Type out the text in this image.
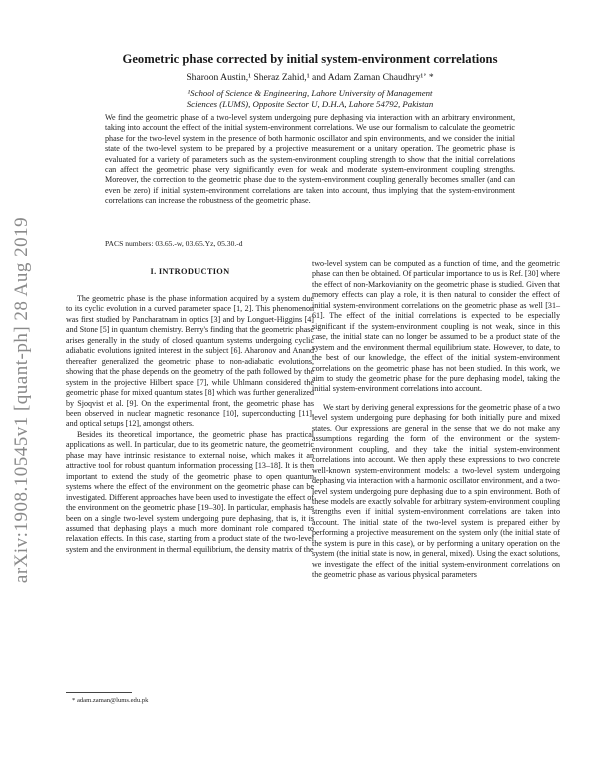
arXiv:1908.10545v1 [quant-ph] 28 Aug 2019
Geometric phase corrected by initial system-environment correlations
Sharoon Austin,¹ Sheraz Zahid,¹ and Adam Zaman Chaudhry¹ʼ *
¹School of Science & Engineering, Lahore University of Management
Sciences (LUMS), Opposite Sector U, D.H.A, Lahore 54792, Pakistan
We find the geometric phase of a two-level system undergoing pure dephasing via interaction with an arbitrary environment, taking into account the effect of the initial system-environment correlations. We use our formalism to calculate the geometric phase for the two-level system in the presence of both harmonic oscillator and spin environments, and we consider the initial state of the two-level system to be prepared by a projective measurement or a unitary operation. The geometric phase is evaluated for a variety of parameters such as the system-environment coupling strength to show that the initial correlations can affect the geometric phase very significantly even for weak and moderate system-environment coupling strengths. Moreover, the correction to the geometric phase due to the system-environment coupling generally becomes smaller (and can even be zero) if initial system-environment correlations are taken into account, thus implying that the system-environment correlations can increase the robustness of the geometric phase.
PACS numbers: 03.65.-w, 03.65.Yz, 05.30.-d
I. INTRODUCTION

The geometric phase is the phase information acquired by a system due to its cyclic evolution in a curved parameter space [1, 2]. This phenomenon was first studied by Pancharatnam in optics [3] and by Longuet-Higgins [4] and Stone [5] in quantum chemistry. Berry's finding that the geometric phase arises generally in the study of closed quantum systems undergoing cyclic adiabatic evolutions ignited interest in the subject [6]. Aharonov and Anand thereafter generalized the geometric phase to non-adiabatic evolutions, showing that the phase depends on the geometry of the path followed by the system in the projective Hilbert space [7], while Uhlmann considered the geometric phase for mixed quantum states [8] which was further generalized by Sjoqvist et al. [9]. On the experimental front, the geometric phase has been observed in nuclear magnetic resonance [10], superconducting [11], and optical setups [12], amongst others.

Besides its theoretical importance, the geometric phase has practical applications as well. In particular, due to its geometric nature, the geometric phase may have intrinsic resistance to external noise, which makes it an attractive tool for robust quantum information processing [13–18]. It is then important to extend the study of the geometric phase to open quantum systems where the effect of the environment on the geometric phase can be investigated. Different approaches have been used to investigate the effect of the environment on the geometric phase [19–30]. In particular, emphasis has been on a single two-level system undergoing pure dephasing, that is, it is assumed that dephasing plays a much more dominant role compared to relaxation effects. In this case, starting from a product state of the two-level system and the environment in thermal equilibrium, the density matrix of the

two-level system can be computed as a function of time, and the geometric phase can then be obtained. Of particular importance to us is Ref. [30] where the effect of non-Markovianity on the geometric phase is studied. Given that memory effects can play a role, it is then natural to consider the effect of initial system-environment correlations on the geometric phase as well [31–61]. The effect of the initial correlations is expected to be especially significant if the system-environment coupling is not weak, since in this case, the initial state can no longer be assumed to be a product state of the system and the environment thermal equilibrium state. However, to date, to the best of our knowledge, the effect of the initial system-environment correlations on the geometric phase has not been studied. In this work, we aim to study the geometric phase for the pure dephasing model, taking the initial system-environment correlations into account.

We start by deriving general expressions for the geometric phase of a two level system undergoing pure dephasing for both initially pure and mixed states. Our expressions are general in the sense that we do not make any assumptions regarding the form of the environment or the system-environment coupling, and they take the initial system-environment correlations into account. We then apply these expressions to two concrete well-known system-environment models: a two-level system undergoing dephasing via interaction with a harmonic oscillator environment, and a two-level system undergoing pure dephasing due to a spin environment. Both of these models are exactly solvable for arbitrary system-environment coupling strengths even if initial system-environment correlations are taken into account. The initial state of the two-level system is prepared either by performing a projective measurement on the system only (the initial state of the system is pure in this case), or by performing a unitary operation on the system (the initial state is now, in general, mixed). Using the exact solutions, we investigate the effect of the initial system-environment correlations on the geometric phase as various physical parameters

* adam.zaman@lums.edu.pk
